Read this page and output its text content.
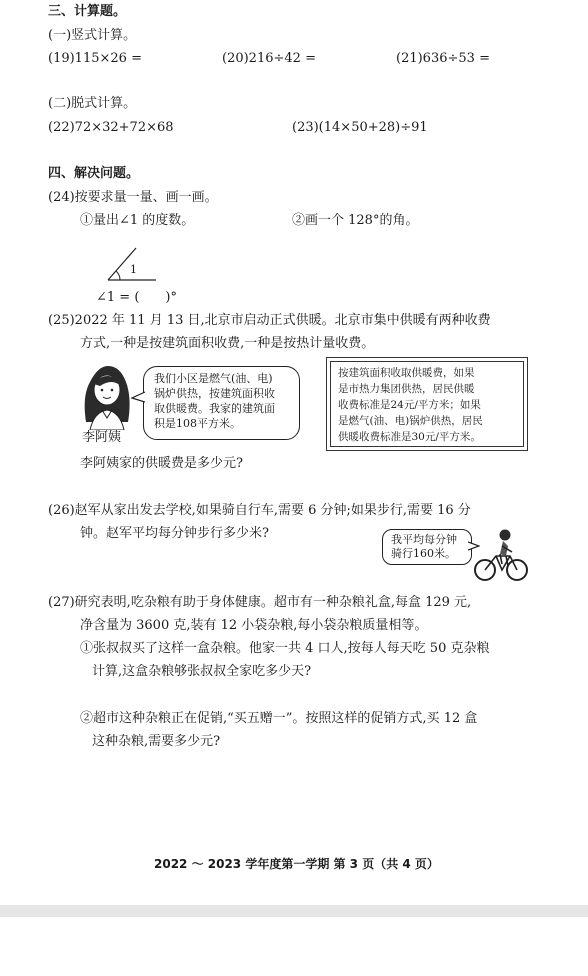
三、计算题。
(一)竖式计算。
(19)115×26 =	(20)216÷42 =	(21)636÷53 =
(二)脱式计算。
(22)72×32+72×68	(23)(14×50+28)÷91
四、解决问题。
(24)按要求量一量、画一画。
①量出∠1 的度数。	②画一个 128°的角。
1
∠1 = (　　)°
(25)2022 年 11 月 13 日,北京市启动正式供暖。北京市集中供暖有两种收费
方式,一种是按建筑面积收费,一种是按热计量收费。
李阿姨
我们小区是燃气(油、电)
锅炉供热，按建筑面积收
取供暖费。我家的建筑面
积是108平方米。
按建筑面积收取供暖费，如果
是市热力集团供热，居民供暖
收费标准是24元/平方米；如果
是燃气(油、电)锅炉供热，居民
供暖收费标准是30元/平方米。
李阿姨家的供暖费是多少元?
(26)赵军从家出发去学校,如果骑自行车,需要 6 分钟;如果步行,需要 16 分
钟。赵军平均每分钟步行多少米?	我平均每分钟
骑行160米。
(27)研究表明,吃杂粮有助于身体健康。超市有一种杂粮礼盒,每盒 129 元,
净含量为 3600 克,装有 12 小袋杂粮,每小袋杂粮质量相等。
①张叔叔买了这样一盒杂粮。他家一共 4 口人,按每人每天吃 50 克杂粮
计算,这盒杂粮够张叔叔全家吃多少天?
②超市这种杂粮正在促销,“买五赠一”。按照这样的促销方式,买 12 盒
这种杂粮,需要多少元?
2022 ～ 2023 学年度第一学期 第 3 页（共 4 页）
